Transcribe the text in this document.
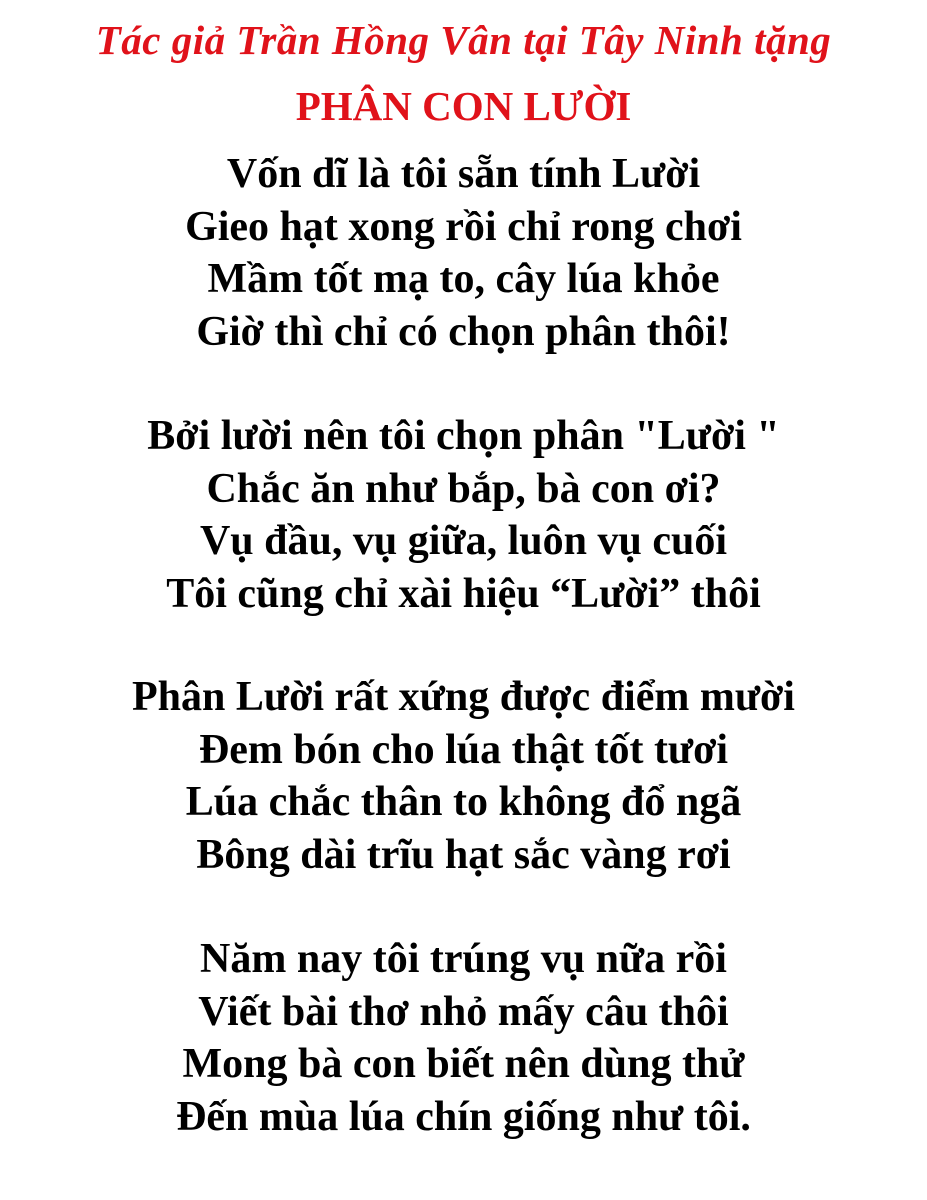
Tác giả Trần Hồng Vân tại Tây Ninh tặng
PHÂN CON LƯỜI
Vốn dĩ là tôi sẵn tính Lười
Gieo hạt xong rồi chỉ rong chơi
Mầm tốt mạ to, cây lúa khỏe
Giờ thì chỉ có chọn phân thôi!
Bởi lười nên tôi chọn phân "Lười "
Chắc ăn như bắp, bà con ơi?
Vụ đầu, vụ giữa, luôn vụ cuối
Tôi cũng chỉ xài hiệu “Lười” thôi
Phân Lười rất xứng được điểm mười
Đem bón cho lúa thật tốt tươi
Lúa chắc thân to không đổ ngã
Bông dài trĩu hạt sắc vàng rơi
Năm nay tôi trúng vụ nữa rồi
Viết bài thơ nhỏ mấy câu thôi
Mong bà con biết nên dùng thử
Đến mùa lúa chín giống như tôi.
